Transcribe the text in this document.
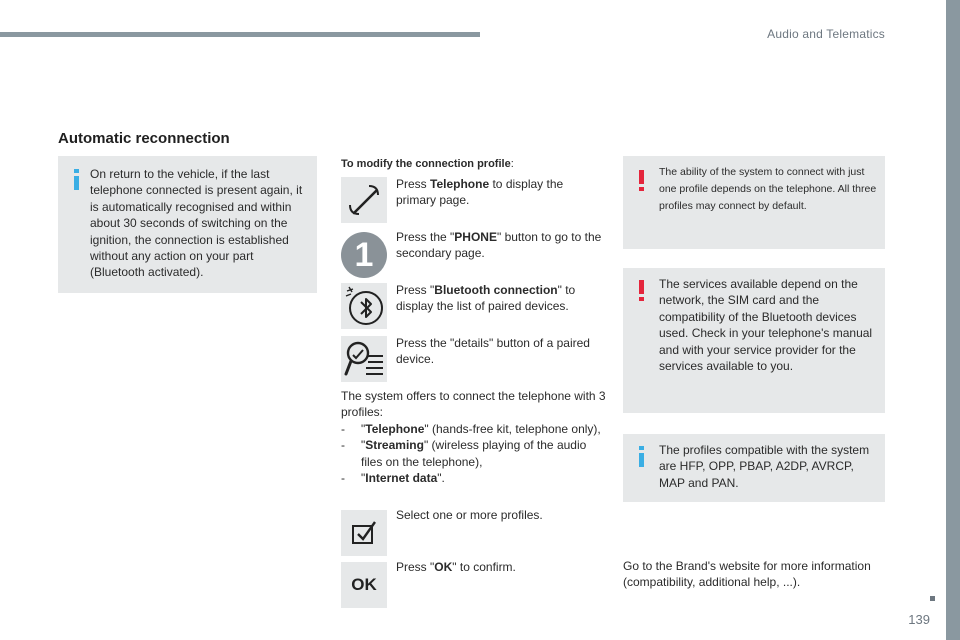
Audio and Telematics
Automatic reconnection
On return to the vehicle, if the last telephone connected is present again, it is automatically recognised and within about 30 seconds of switching on the ignition, the connection is established without any action on your part (Bluetooth activated).
To modify the connection profile:
Press Telephone to display the primary page.
1	Press the "PHONE" button to go to the secondary page.
Press "Bluetooth connection" to display the list of paired devices.
Press the "details" button of a paired device.
The system offers to connect the telephone with 3 profiles:
- "Telephone" (hands-free kit, telephone only),
- "Streaming" (wireless playing of the audio files on the telephone),
- "Internet data".
Select one or more profiles.
OK
Press "OK" to confirm.
The ability of the system to connect with just one profile depends on the telephone. All three profiles may connect by default.
The services available depend on the network, the SIM card and the compatibility of the Bluetooth devices used. Check in your telephone's manual and with your service provider for the services available to you.
The profiles compatible with the system are HFP, OPP, PBAP, A2DP, AVRCP, MAP and PAN.
Go to the Brand's website for more information (compatibility, additional help, ...).
139
